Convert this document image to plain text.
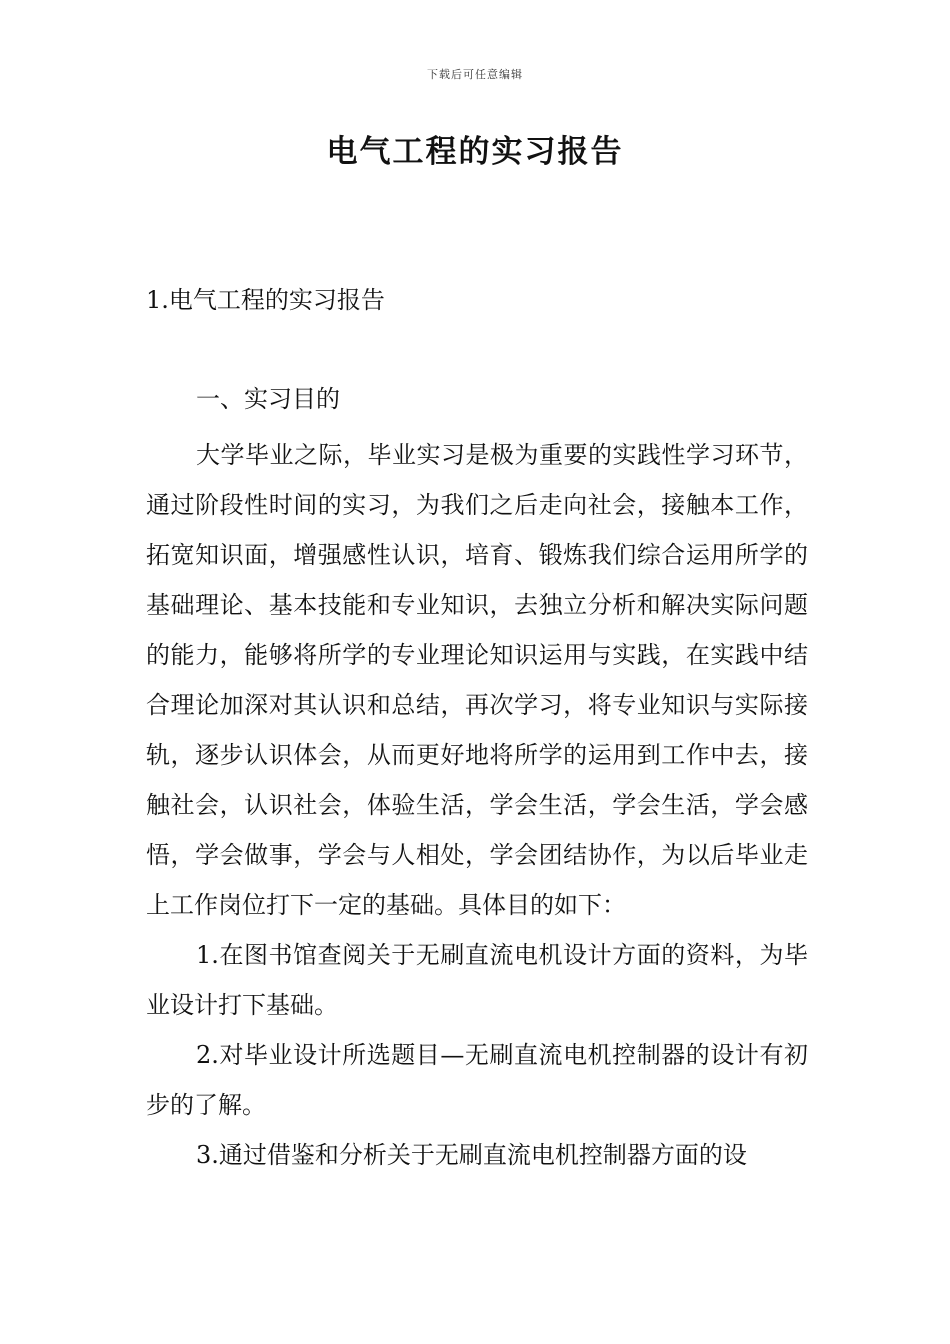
下载后可任意编辑
电气工程的实习报告
1.电气工程的实习报告
一、实习目的

大学毕业之际，毕业实习是极为重要的实践性学习环节，通过阶段性时间的实习，为我们之后走向社会，接触本工作，拓宽知识面，增强感性认识，培育、锻炼我们综合运用所学的基础理论、基本技能和专业知识，去独立分析和解决实际问题的能力，能够将所学的专业理论知识运用与实践，在实践中结合理论加深对其认识和总结，再次学习，将专业知识与实际接轨，逐步认识体会，从而更好地将所学的运用到工作中去，接触社会，认识社会，体验生活，学会生活，学会生活，学会感悟，学会做事，学会与人相处，学会团结协作，为以后毕业走上工作岗位打下一定的基础。具体目的如下：

1.在图书馆查阅关于无刷直流电机设计方面的资料，为毕业设计打下基础。

2.对毕业设计所选题目—无刷直流电机控制器的设计有初步的了解。

3.通过借鉴和分析关于无刷直流电机控制器方面的设
